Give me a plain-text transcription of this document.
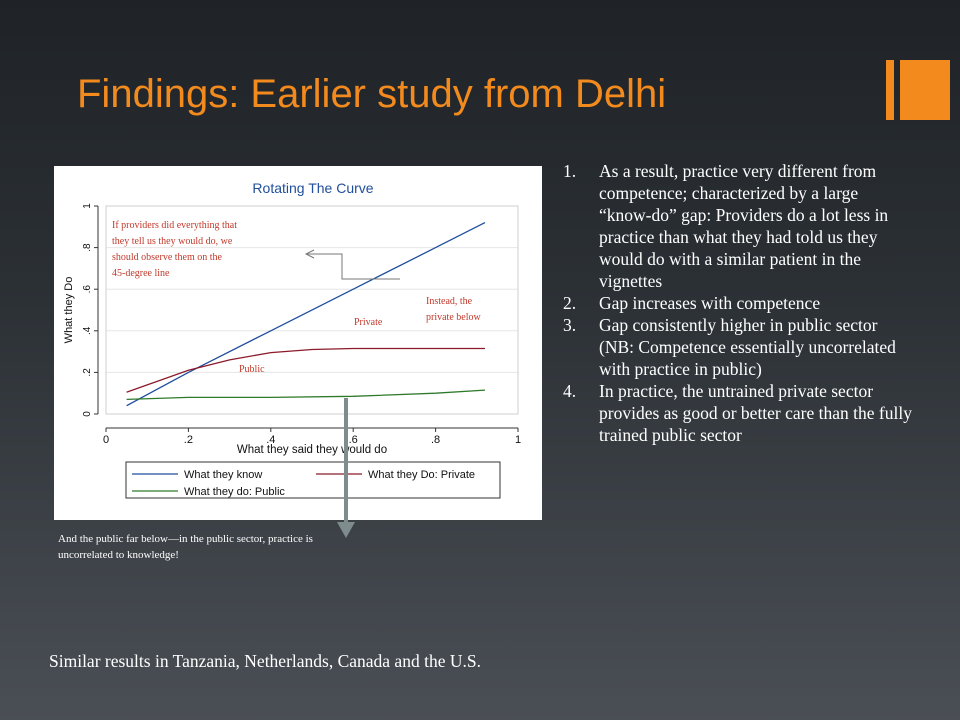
Findings: Earlier study from Delhi
Rotating The Curve
0
.2
.4
.6
.8
1
0	.2	.4	.6	.8	1
What they said they would do
What they Do
What they know	What they Do: Private
What they do: Public
If providers did everything that
they tell us they would do, we
should observe them on the
45-degree line
Private
Instead, the
private below
Public
And the public far below—in the public sector, practice is uncorrelated to knowledge!
1. As a result, practice very different from competence; characterized by a large “know-do” gap: Providers do a lot less in practice than what they had told us they would do with a similar patient in the vignettes
2. Gap increases with competence
3. Gap consistently higher in public sector (NB: Competence essentially uncorrelated with practice in public)
4. In practice, the untrained private sector provides as good or better care than the fully trained public sector
Similar results in Tanzania, Netherlands, Canada and the U.S.
